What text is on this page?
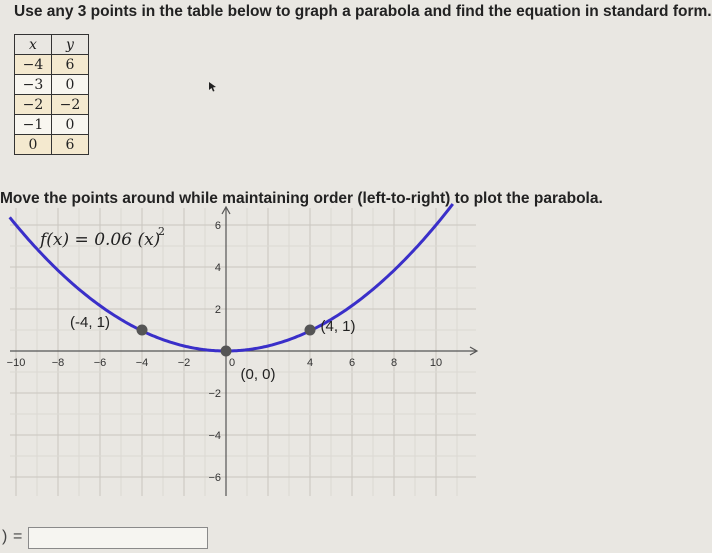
Use any 3 points in the table below to graph a parabola and find the equation in standard form.
x	y
−4	6
−3	0
−2	−2
−1	0
0	6
Move the points around while maintaining order (left-to-right) to plot the parabola.
−10 −8	−6	−4	−2	0	4	6	8	10
6
4
2
−2
−4
−6
(-4, 1)
(0, 0)
(4, 1)
f(x) = 0.06 (x)
2
) =
